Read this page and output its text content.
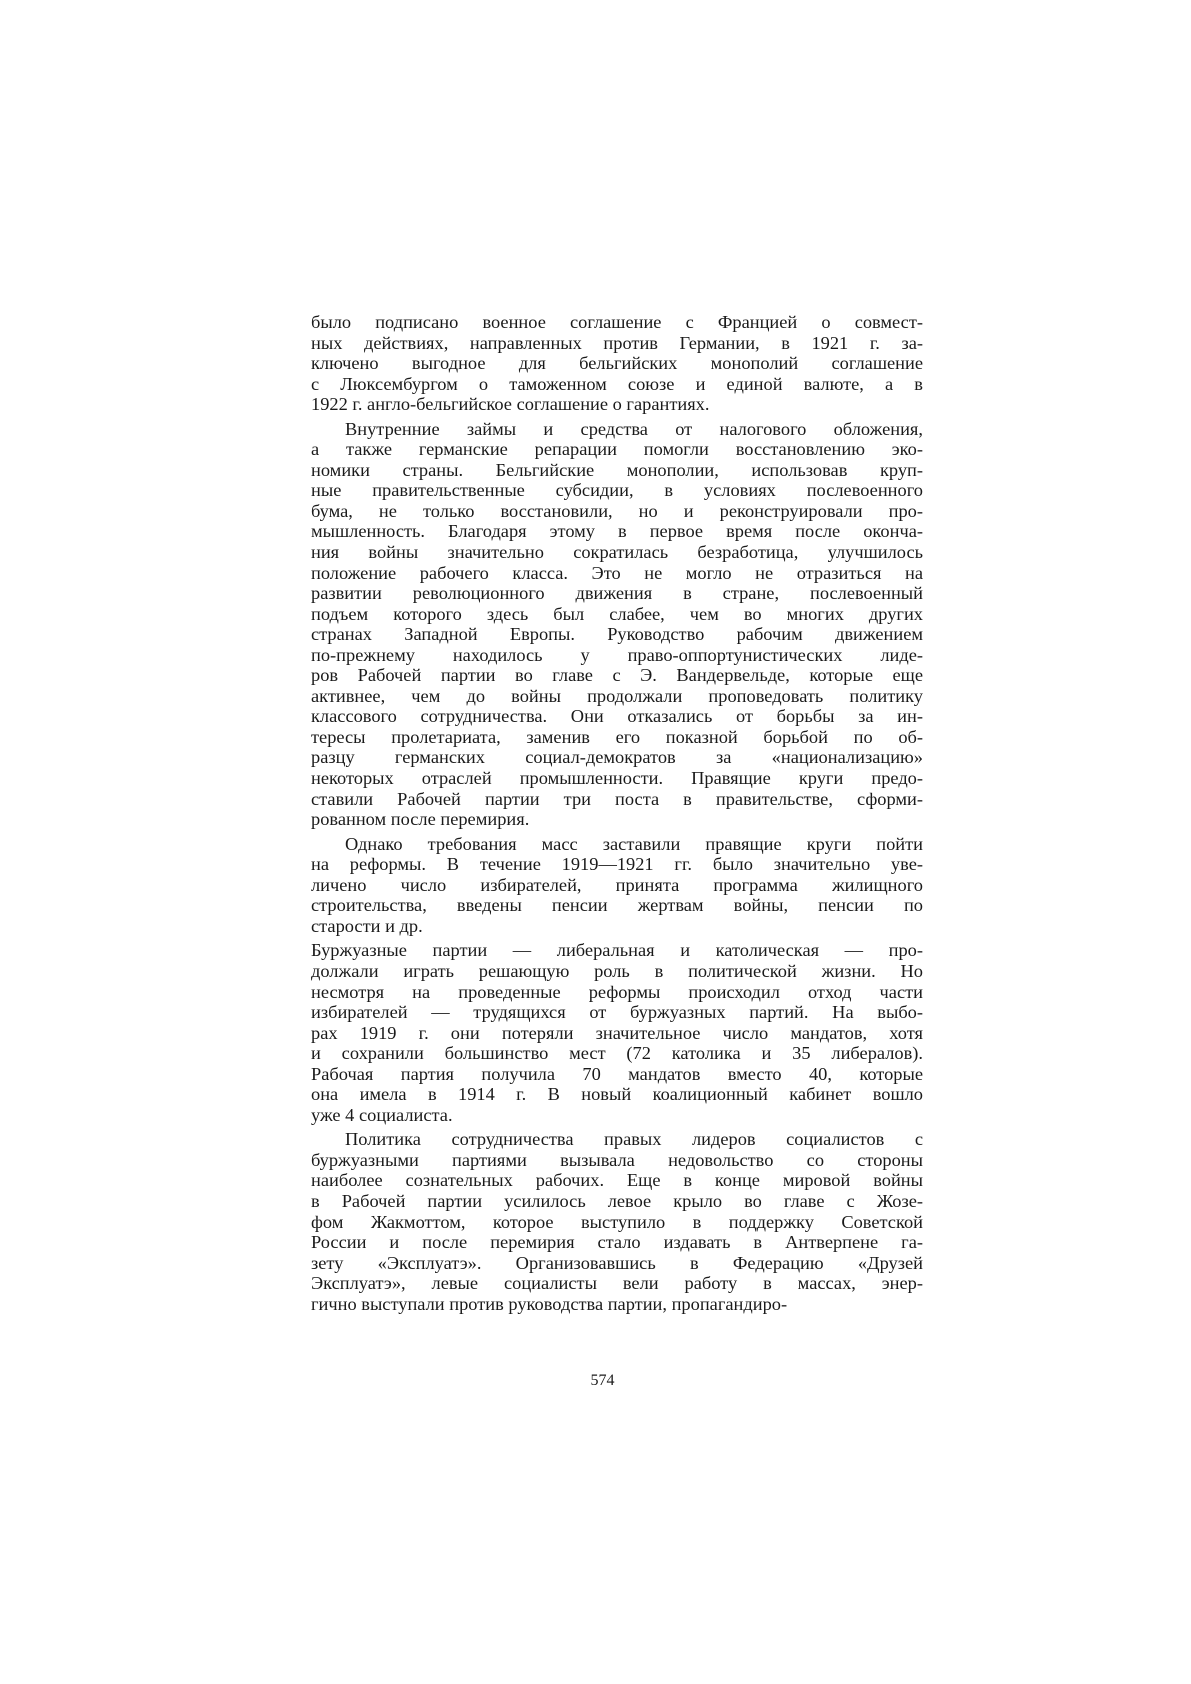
было подписано военное соглашение с Францией о совмест-
ных действиях, направленных против Германии, в 1921 г. за-
ключено выгодное для бельгийских монополий соглашение
с Люксембургом о таможенном союзе и единой валюте, а в
1922 г. англо-бельгийское соглашение о гарантиях.
Внутренние займы и средства от налогового обложения,
а также германские репарации помогли восстановлению эко-
номики страны. Бельгийские монополии, использовав круп-
ные правительственные субсидии, в условиях послевоенного
бума, не только восстановили, но и реконструировали про-
мышленность. Благодаря этому в первое время после оконча-
ния войны значительно сократилась безработица, улучшилось
положение рабочего класса. Это не могло не отразиться на
развитии революционного движения в стране, послевоенный
подъем которого здесь был слабее, чем во многих других
странах Западной Европы. Руководство рабочим движением
по-прежнему находилось у право-оппортунистических лиде-
ров Рабочей партии во главе с Э. Вандервельде, которые еще
активнее, чем до войны продолжали проповедовать политику
классового сотрудничества. Они отказались от борьбы за ин-
тересы пролетариата, заменив его показной борьбой по об-
разцу германских социал-демократов за «национализацию»
некоторых отраслей промышленности. Правящие круги предо-
ставили Рабочей партии три поста в правительстве, сформи-
рованном после перемирия.
Однако требования масс заставили правящие круги пойти
на реформы. В течение 1919—1921 гг. было значительно уве-
личено число избирателей, принята программа жилищного
строительства, введены пенсии жертвам войны, пенсии по
старости и др.
Буржуазные партии — либеральная и католическая — про-
должали играть решающую роль в политической жизни. Но
несмотря на проведенные реформы происходил отход части
избирателей — трудящихся от буржуазных партий. На выбо-
рах 1919 г. они потеряли значительное число мандатов, хотя
и сохранили большинство мест (72 католика и 35 либералов).
Рабочая партия получила 70 мандатов вместо 40, которые
она имела в 1914 г. В новый коалиционный кабинет вошло
уже 4 социалиста.
Политика сотрудничества правых лидеров социалистов с
буржуазными партиями вызывала недовольство со стороны
наиболее сознательных рабочих. Еще в конце мировой войны
в Рабочей партии усилилось левое крыло во главе с Жозе-
фом Жакмоттом, которое выступило в поддержку Советской
России и после перемирия стало издавать в Антверпене га-
зету «Эксплуатэ». Организовавшись в Федерацию «Друзей
Эксплуатэ», левые социалисты вели работу в массах, энер-
гично выступали против руководства партии, пропагандиро-
574
